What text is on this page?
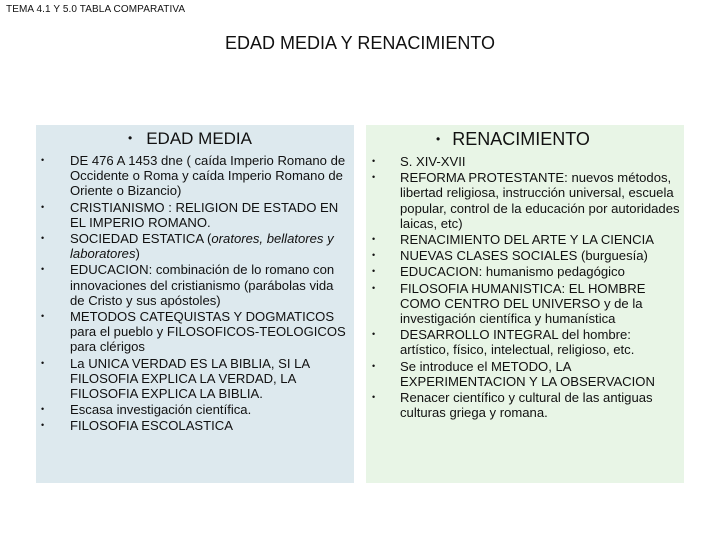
TEMA 4.1 Y 5.0 TABLA COMPARATIVA
EDAD MEDIA Y RENACIMIENTO
• EDAD MEDIA
• DE 476 A 1453 dne ( caída Imperio Romano de Occidente o Roma y caída Imperio Romano de Oriente o Bizancio)
• CRISTIANISMO : RELIGION DE ESTADO EN EL IMPERIO ROMANO.
• SOCIEDAD ESTATICA (oratores, bellatores y laboratores)
• EDUCACION: combinación de lo romano con innovaciones del cristianismo (parábolas vida de Cristo y sus apóstoles)
• METODOS CATEQUISTAS Y DOGMATICOS para el pueblo y FILOSOFICOS-TEOLOGICOS para clérigos
• La UNICA VERDAD ES LA BIBLIA, SI LA FILOSOFIA EXPLICA LA VERDAD, LA FILOSOFIA EXPLICA LA BIBLIA.
• Escasa investigación científica.
• FILOSOFIA ESCOLASTICA
• RENACIMIENTO
• S. XIV-XVII
• REFORMA PROTESTANTE: nuevos métodos, libertad religiosa, instrucción universal, escuela popular, control de la educación por autoridades laicas, etc)
• RENACIMIENTO DEL ARTE Y LA CIENCIA
• NUEVAS CLASES SOCIALES (burguesía)
• EDUCACION: humanismo pedagógico
• FILOSOFIA HUMANISTICA: EL HOMBRE COMO CENTRO DEL UNIVERSO y de la investigación científica y humanística
• DESARROLLO INTEGRAL del hombre: artístico, físico, intelectual, religioso, etc.
• Se introduce el METODO, LA EXPERIMENTACION Y LA OBSERVACION
• Renacer científico y cultural de las antiguas culturas griega y romana.
